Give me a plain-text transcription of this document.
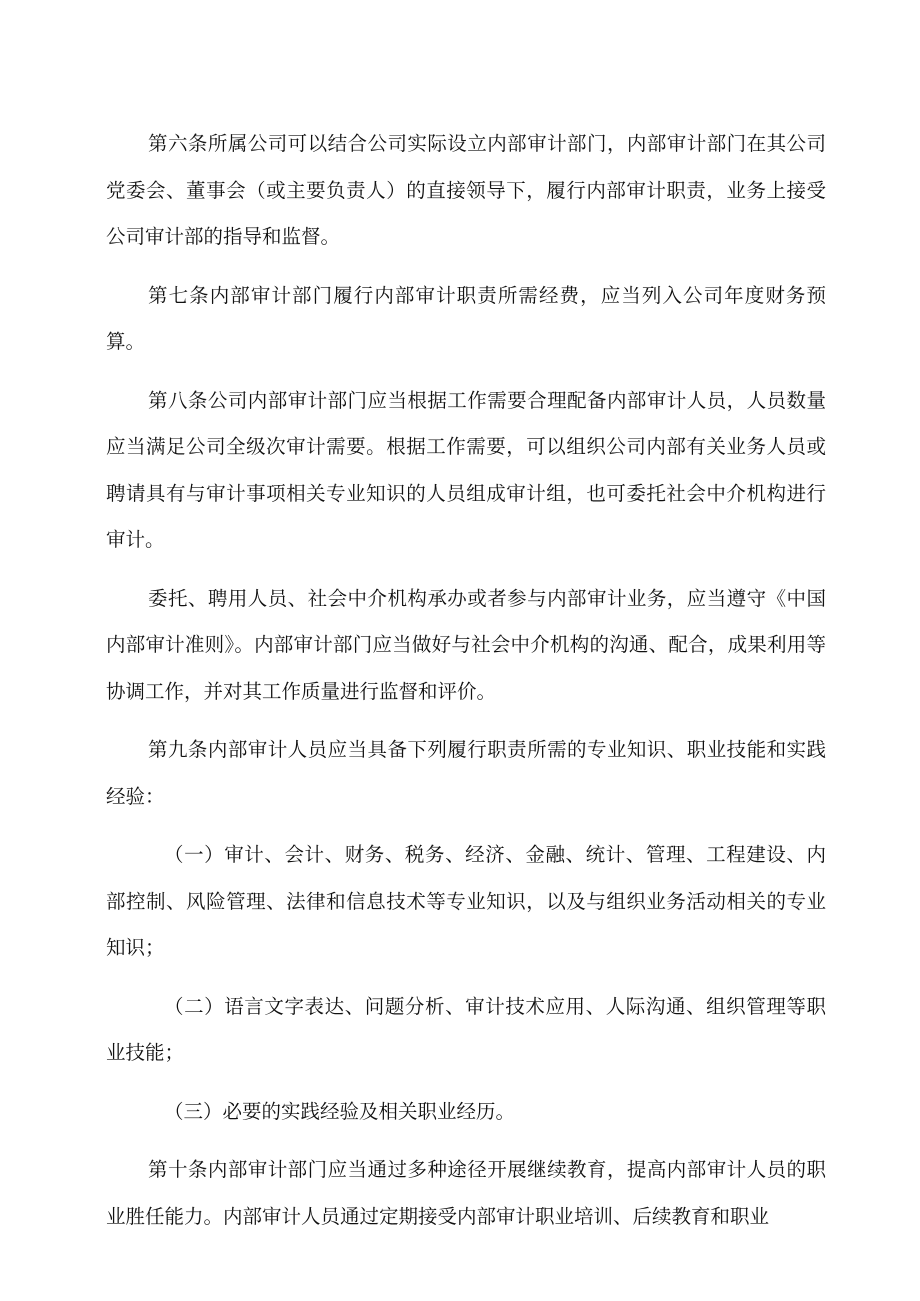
第六条所属公司可以结合公司实际设立内部审计部门，内部审计部门在其公司党委会、董事会（或主要负责人）的直接领导下，履行内部审计职责，业务上接受公司审计部的指导和监督。

第七条内部审计部门履行内部审计职责所需经费，应当列入公司年度财务预算。

第八条公司内部审计部门应当根据工作需要合理配备内部审计人员，人员数量应当满足公司全级次审计需要。根据工作需要，可以组织公司内部有关业务人员或聘请具有与审计事项相关专业知识的人员组成审计组，也可委托社会中介机构进行审计。

委托、聘用人员、社会中介机构承办或者参与内部审计业务，应当遵守《中国内部审计准则》。内部审计部门应当做好与社会中介机构的沟通、配合，成果利用等协调工作，并对其工作质量进行监督和评价。

第九条内部审计人员应当具备下列履行职责所需的专业知识、职业技能和实践经验：

（一）审计、会计、财务、税务、经济、金融、统计、管理、工程建设、内部控制、风险管理、法律和信息技术等专业知识，以及与组织业务活动相关的专业知识；

（二）语言文字表达、问题分析、审计技术应用、人际沟通、组织管理等职业技能；

（三）必要的实践经验及相关职业经历。

第十条内部审计部门应当通过多种途径开展继续教育，提高内部审计人员的职业胜任能力。内部审计人员通过定期接受内部审计职业培训、后续教育和职业
